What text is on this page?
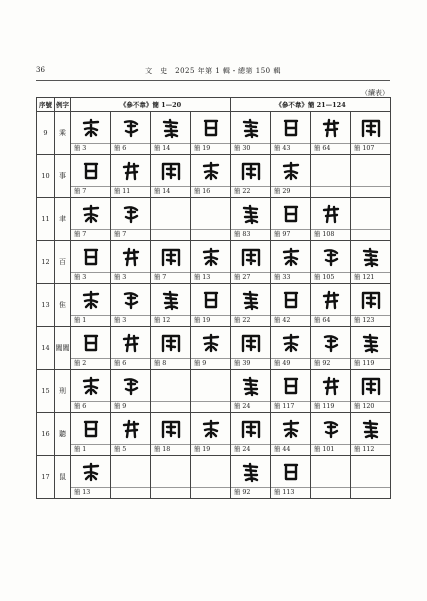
36	文　史　2025 年第 1 輯・總第 150 輯
（續表）
序號	例字	《參不韋》簡 1—20				《參不韋》簡 21—124			
9	乘	簡 3	簡 6	簡 14	簡 19	簡 30	簡 43	簡 64	簡 107

10	事	簡 7	簡 11	簡 14	簡 16	簡 22	簡 29		

11	聿	簡 7	簡 7			簡 83	簡 97	簡 108	

12	百	簡 3	簡 3	簡 7	簡 13	簡 27	簡 33	簡 105	簡 121

13	隹	簡 1	簡 3	簡 12	簡 19	簡 22	簡 42	簡 64	簡 123

14	闔闔	簡 2	簡 6	簡 8	簡 9	簡 39	簡 49	簡 92	簡 119

15	刑	簡 6	簡 9			簡 24	簡 117	簡 119	簡 120

16	聽	簡 1	簡 5	簡 18	簡 19	簡 24	簡 44	簡 101	簡 112

17	鼠	簡 13				簡 92	簡 113		
